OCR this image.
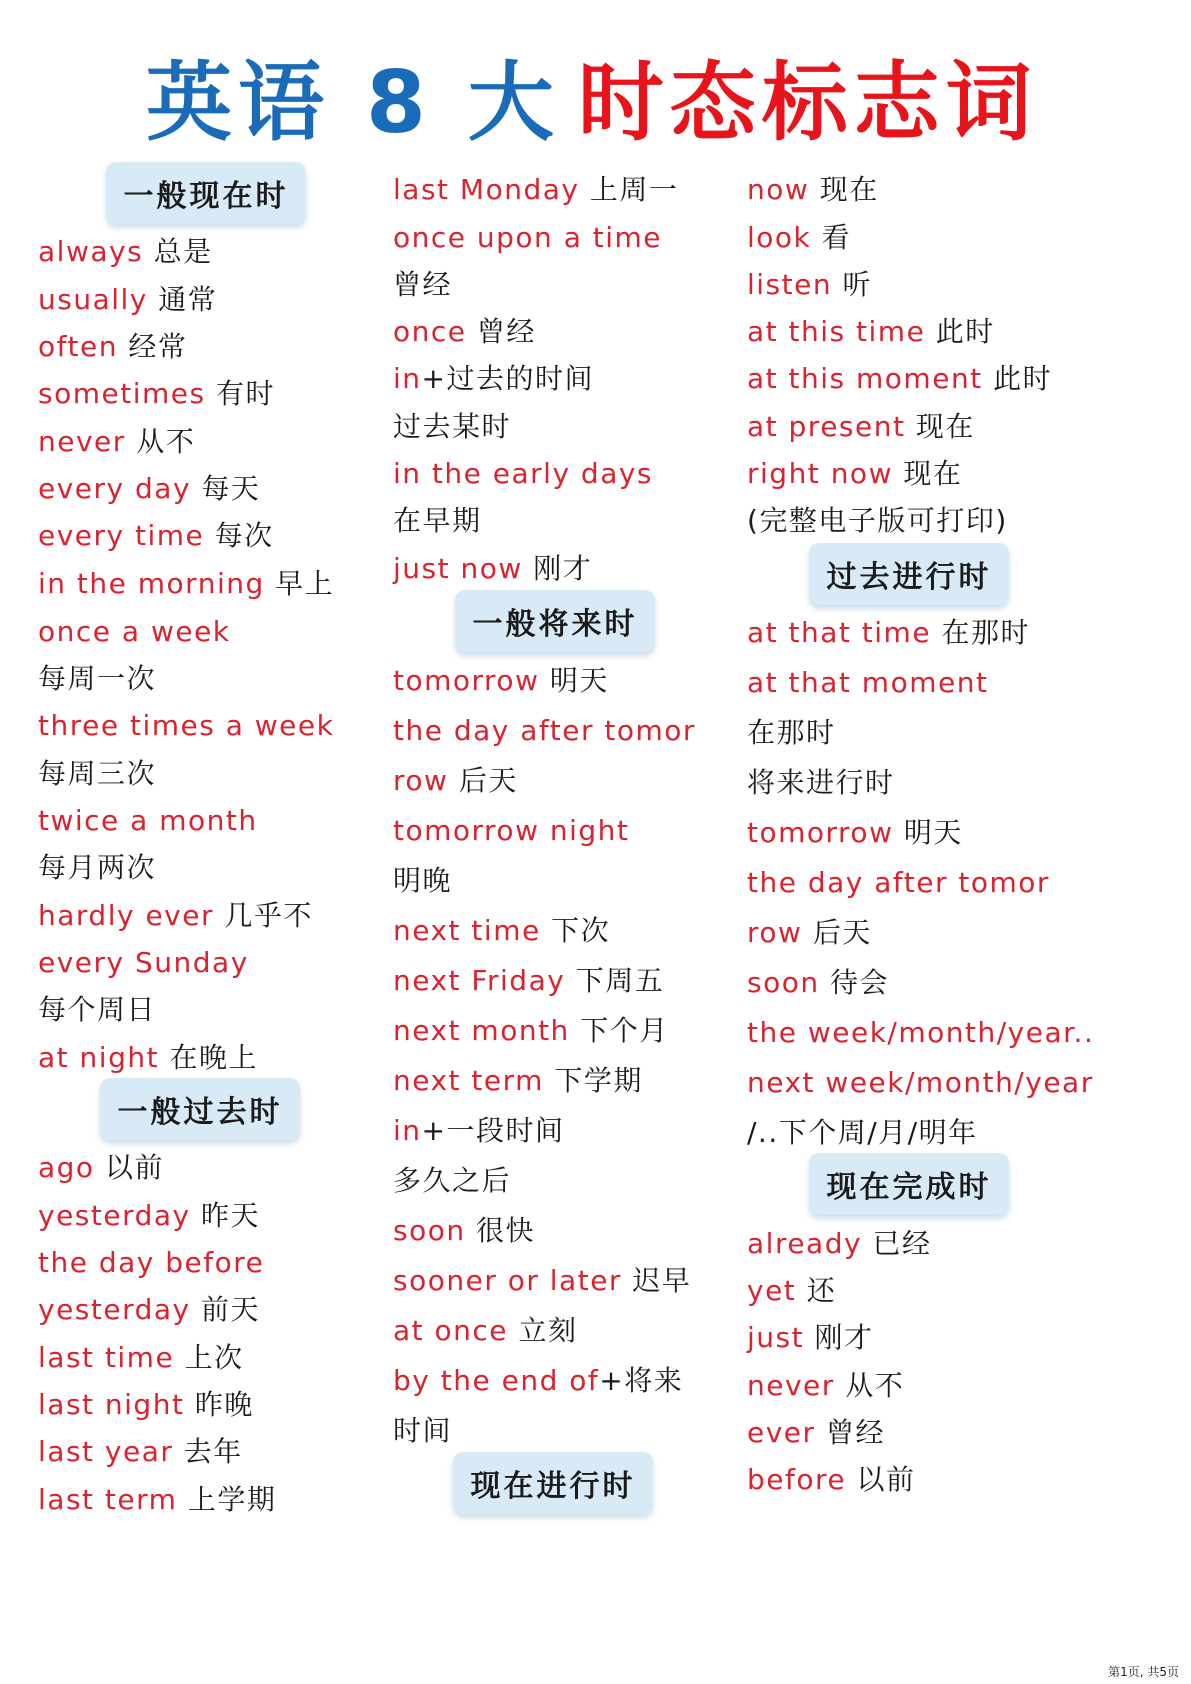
英语 8 大 时态标志词
一般现在时
always 总是
usually 通常
often 经常
sometimes 有时
never 从不
every day 每天
every time 每次
in the morning 早上
once a week
每周一次
three times a week
每周三次
twice a month
每月两次
hardly ever 几乎不
every Sunday
每个周日
at night 在晚上
一般过去时
ago 以前
yesterday 昨天
the day before
yesterday 前天
last time 上次
last night 昨晚
last year 去年
last term 上学期
last Monday 上周一
once upon a time
曾经
once 曾经
in+过去的时间
过去某时
in the early days
在早期
just now 刚才
一般将来时
tomorrow 明天
the day after tomor
row 后天
tomorrow night
明晚
next time 下次
next Friday 下周五
next month 下个月
next term 下学期
in+一段时间
多久之后
soon 很快
sooner or later 迟早
at once 立刻
by the end of+将来
时间
现在进行时
now 现在
look 看
listen 听
at this time 此时
at this moment 此时
at present 现在
right now 现在
(完整电子版可打印)
过去进行时
at that time 在那时
at that moment
在那时
将来进行时
tomorrow 明天
the day after tomor
row 后天
soon 待会
the week/month/year..
next week/month/year
/..下个周/月/明年
现在完成时
already 已经
yet 还
just 刚才
never 从不
ever 曾经
before 以前
第1页, 共5页
